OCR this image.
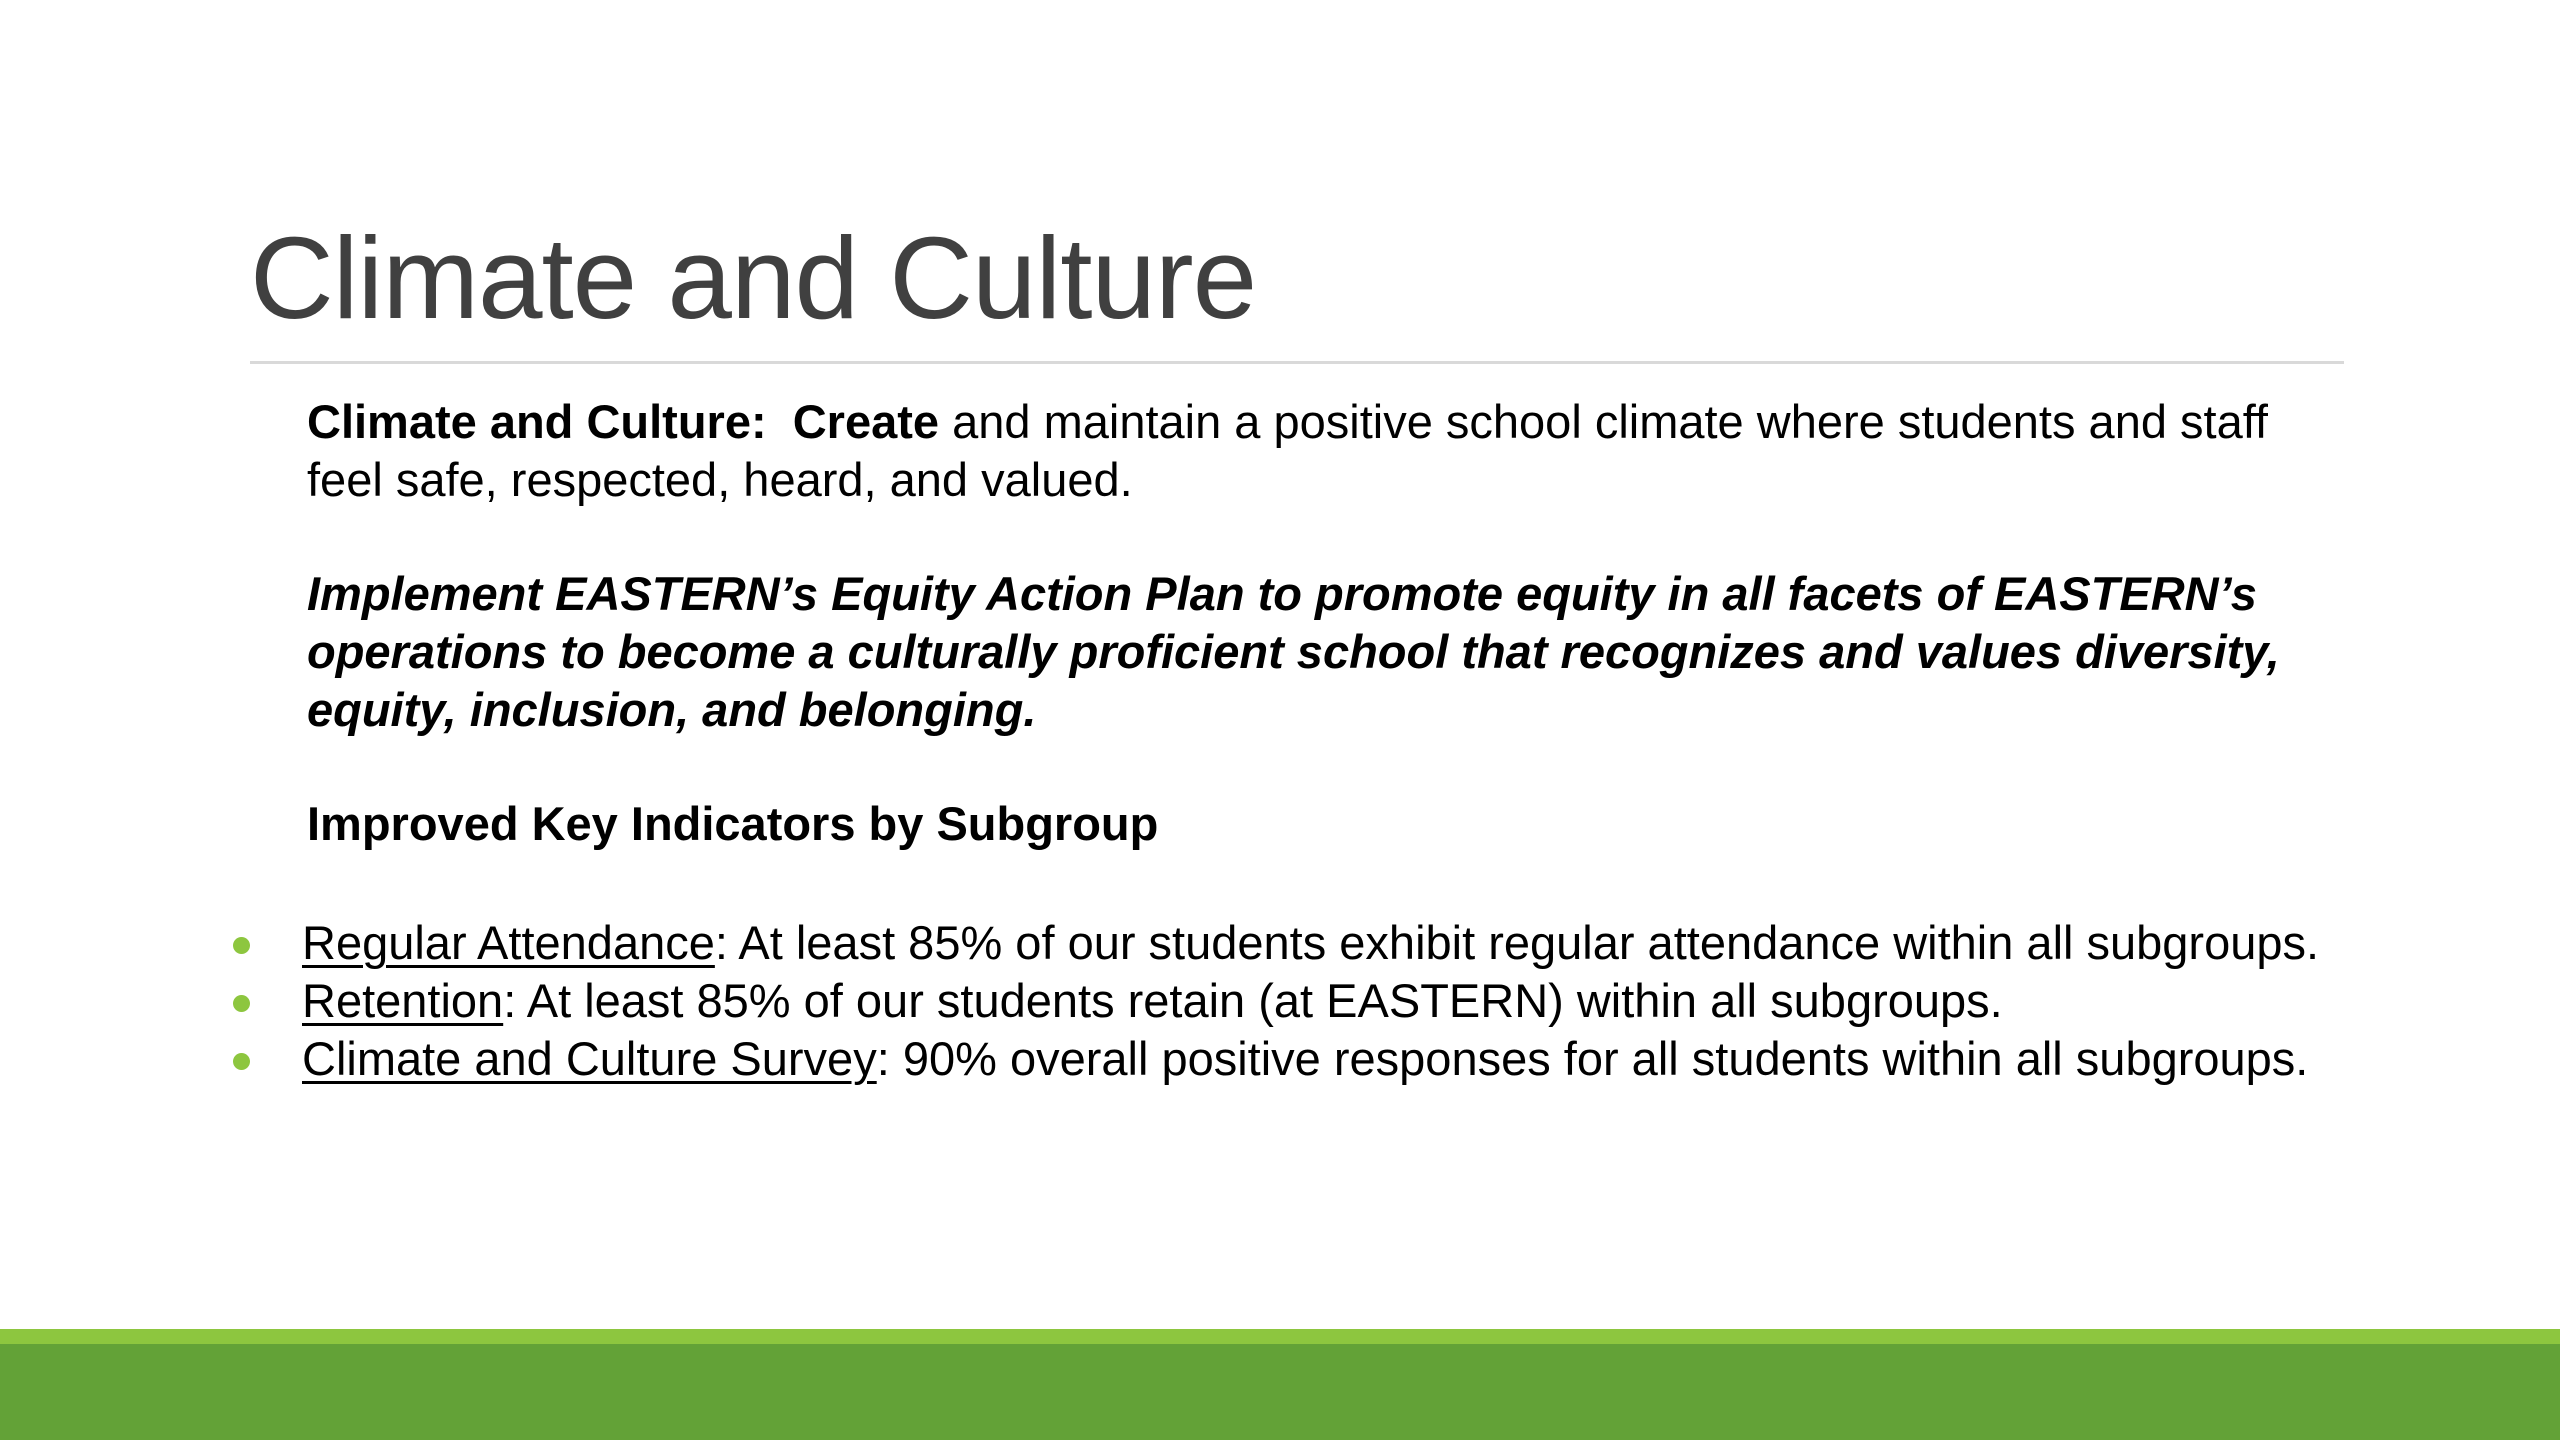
Climate and Culture

Climate and Culture: Create and maintain a positive school climate where students and staff feel safe, respected, heard, and valued.

Implement EASTERN’s Equity Action Plan to promote equity in all facets of EASTERN’s operations to become a culturally proficient school that recognizes and values diversity, equity, inclusion, and belonging.

Improved Key Indicators by Subgroup

Regular Attendance: At least 85% of our students exhibit regular attendance within all subgroups.
Retention: At least 85% of our students retain (at EASTERN) within all subgroups.
Climate and Culture Survey: 90% overall positive responses for all students within all subgroups.
